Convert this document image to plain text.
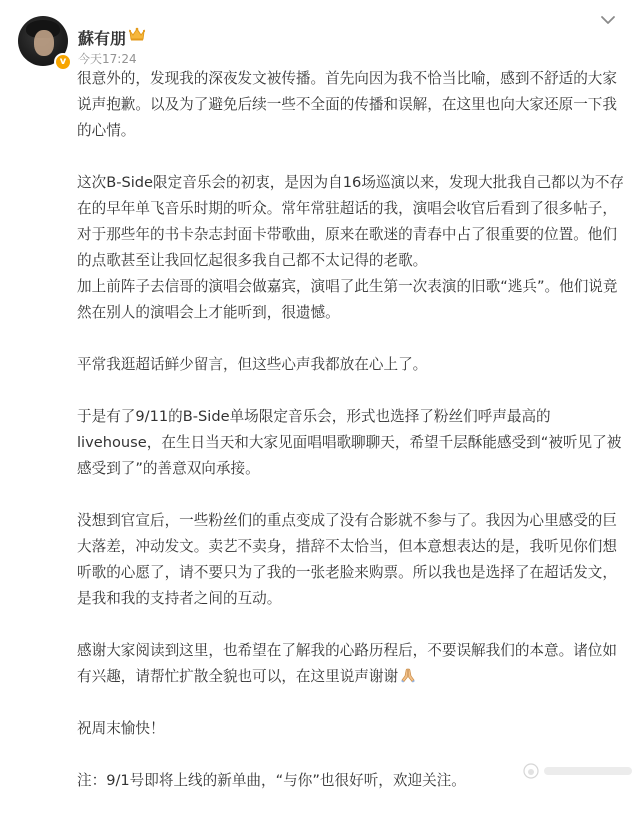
v
蘇有朋
今天17:24

很意外的，发现我的深夜发文被传播。首先向因为我不恰当比喻，感到不舒适的大家说声抱歉。以及为了避免后续一些不全面的传播和误解，在这里也向大家还原一下我的心情。

这次B-Side限定音乐会的初衷，是因为自16场巡演以来，发现大批我自己都以为不存在的早年单飞音乐时期的听众。常年常驻超话的我，演唱会收官后看到了很多帖子，对于那些年的书卡杂志封面卡带歌曲，原来在歌迷的青春中占了很重要的位置。他们的点歌甚至让我回忆起很多我自己都不太记得的老歌。

加上前阵子去信哥的演唱会做嘉宾，演唱了此生第一次表演的旧歌“逃兵”。他们说竟然在别人的演唱会上才能听到，很遗憾。

平常我逛超话鲜少留言，但这些心声我都放在心上了。

于是有了9/11的B-Side单场限定音乐会，形式也选择了粉丝们呼声最高的livehouse，在生日当天和大家见面唱唱歌聊聊天，希望千层酥能感受到“被听见了被感受到了”的善意双向承接。

没想到官宣后，一些粉丝们的重点变成了没有合影就不参与了。我因为心里感受的巨大落差，冲动发文。卖艺不卖身，措辞不太恰当，但本意想表达的是，我听见你们想听歌的心愿了，请不要只为了我的一张老脸来购票。所以我也是选择了在超话发文，是我和我的支持者之间的互动。

感谢大家阅读到这里，也希望在了解我的心路历程后，不要误解我们的本意。诸位如有兴趣，请帮忙扩散全貌也可以，在这里说声谢谢

祝周末愉快！

注：9/1号即将上线的新单曲，“与你”也很好听，欢迎关注。
